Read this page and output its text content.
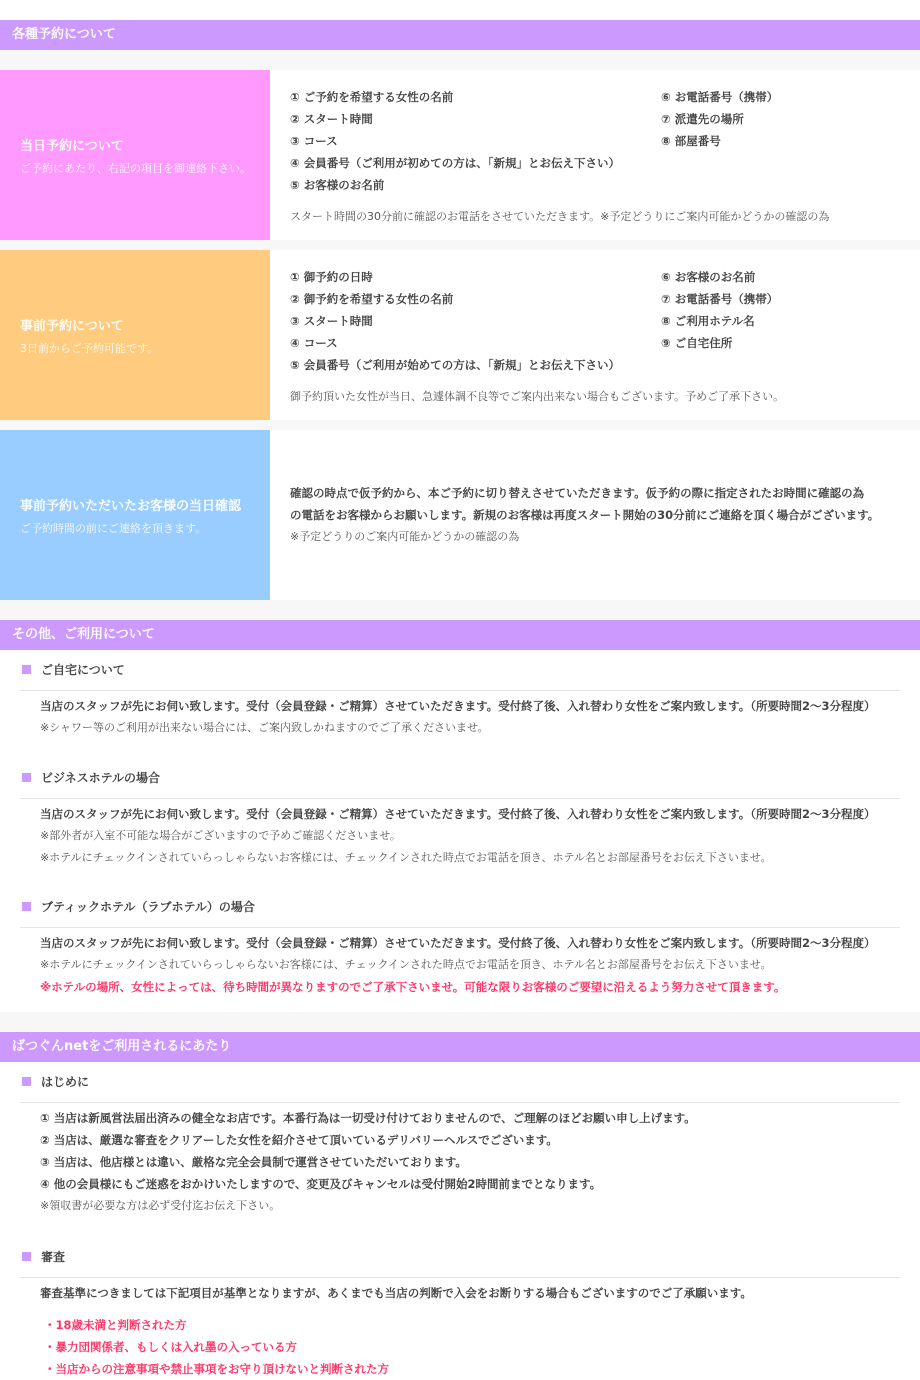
各種予約について
当日予約について
ご予約にあたり、右記の項目を御連絡下さい。
① ご予約を希望する女性の名前	⑥ お電話番号（携帯）
② スタート時間	⑦ 派遣先の場所
③ コース	⑧ 部屋番号
④ 会員番号（ご利用が初めての方は、「新規」とお伝え下さい）
⑤ お客様のお名前
スタート時間の30分前に確認のお電話をさせていただきます。※予定どうりにご案内可能かどうかの確認の為
事前予約について
3日前からご予約可能です。
① 御予約の日時	⑥ お客様のお名前
② 御予約を希望する女性の名前	⑦ お電話番号（携帯）
③ スタート時間	⑧ ご利用ホテル名
④ コース	⑨ ご自宅住所
⑤ 会員番号（ご利用が始めての方は、「新規」とお伝え下さい）
御予約頂いた女性が当日、急遽体調不良等でご案内出来ない場合もございます。予めご了承下さい。
事前予約いただいたお客様の当日確認
ご予約時間の前にご連絡を頂きます。
確認の時点で仮予約から、本ご予約に切り替えさせていただきます。仮予約の際に指定されたお時間に確認の為
の電話をお客様からお願いします。新規のお客様は再度スタート開始の30分前にご連絡を頂く場合がございます。
※予定どうりのご案内可能かどうかの確認の為
その他、ご利用について
ご自宅について
当店のスタッフが先にお伺い致します。受付（会員登録・ご精算）させていただきます。受付終了後、入れ替わり女性をご案内致します。（所要時間2～3分程度）
※シャワー等のご利用が出来ない場合には、ご案内致しかねますのでご了承くださいませ。
ビジネスホテルの場合
当店のスタッフが先にお伺い致します。受付（会員登録・ご精算）させていただきます。受付終了後、入れ替わり女性をご案内致します。（所要時間2～3分程度）
※部外者が入室不可能な場合がございますので予めご確認くださいませ。
※ホテルにチェックインされていらっしゃらないお客様には、チェックインされた時点でお電話を頂き、ホテル名とお部屋番号をお伝え下さいませ。
ブティックホテル（ラブホテル）の場合
当店のスタッフが先にお伺い致します。受付（会員登録・ご精算）させていただきます。受付終了後、入れ替わり女性をご案内致します。（所要時間2～3分程度）
※ホテルにチェックインされていらっしゃらないお客様には、チェックインされた時点でお電話を頂き、ホテル名とお部屋番号をお伝え下さいませ。
※ホテルの場所、女性によっては、待ち時間が異なりますのでご了承下さいませ。可能な限りお客様のご要望に沿えるよう努力させて頂きます。
ばつぐんnetをご利用されるにあたり
はじめに
① 当店は新風営法届出済みの健全なお店です。本番行為は一切受け付けておりませんので、ご理解のほどお願い申し上げます。
② 当店は、厳選な審査をクリアーした女性を紹介させて頂いているデリバリーヘルスでございます。
③ 当店は、他店様とは違い、厳格な完全会員制で運営させていただいております。
④ 他の会員様にもご迷惑をおかけいたしますので、変更及びキャンセルは受付開始2時間前までとなります。
※領収書が必要な方は必ず受付迄お伝え下さい。
審査
審査基準につきましては下記項目が基準となりますが、あくまでも当店の判断で入会をお断りする場合もございますのでご了承願います。
・18歳未満と判断された方
・暴力団関係者、もしくは入れ墨の入っている方
・当店からの注意事項や禁止事項をお守り頂けないと判断された方
